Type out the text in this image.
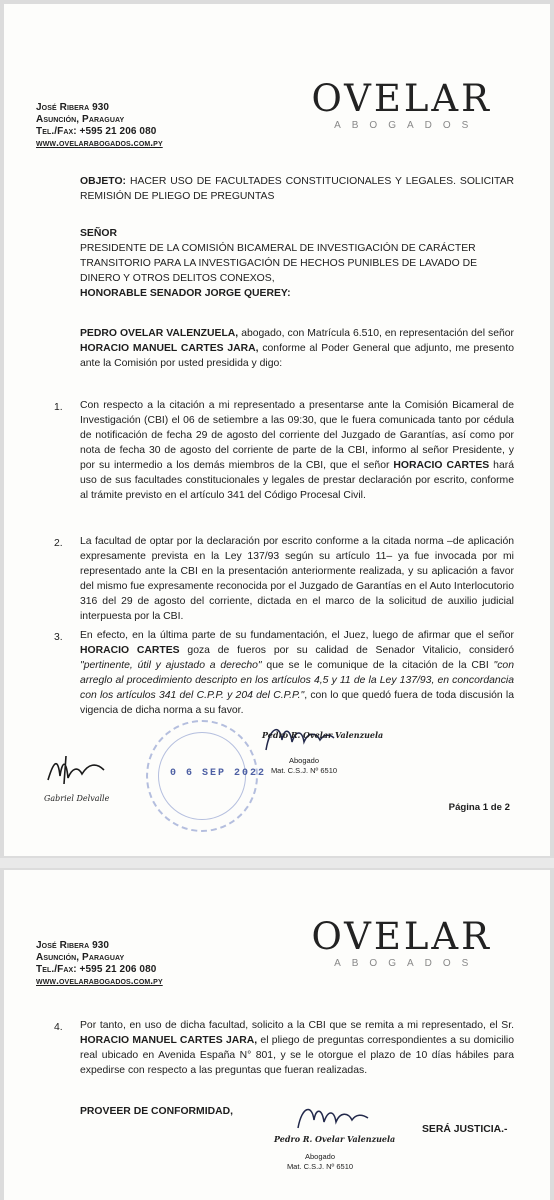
José Ribera 930
Asunción, Paraguay
Tel./Fax: +595 21 206 080
www.ovelarabogados.com.py
OVELAR
ABOGADOS
OBJETO: HACER USO DE FACULTADES CONSTITUCIONALES Y LEGALES. SOLICITAR REMISIÓN DE PLIEGO DE PREGUNTAS
SEÑOR
PRESIDENTE DE LA COMISIÓN BICAMERAL DE INVESTIGACIÓN DE CARÁCTER TRANSITORIO PARA LA INVESTIGACIÓN DE HECHOS PUNIBLES DE LAVADO DE DINERO Y OTROS DELITOS CONEXOS,
HONORABLE SENADOR JORGE QUEREY:
PEDRO OVELAR VALENZUELA, abogado, con Matrícula 6.510, en representación del señor HORACIO MANUEL CARTES JARA, conforme al Poder General que adjunto, me presento ante la Comisión por usted presidida y digo:
1. Con respecto a la citación a mi representado a presentarse ante la Comisión Bicameral de Investigación (CBI) el 06 de setiembre a las 09:30, que le fuera comunicada tanto por cédula de notificación de fecha 29 de agosto del corriente del Juzgado de Garantías, así como por nota de fecha 30 de agosto del corriente de parte de la CBI, informo al señor Presidente, y por su intermedio a los demás miembros de la CBI, que el señor HORACIO CARTES hará uso de sus facultades constitucionales y legales de prestar declaración por escrito, conforme al trámite previsto en el artículo 341 del Código Procesal Civil.
2. La facultad de optar por la declaración por escrito conforme a la citada norma –de aplicación expresamente prevista en la Ley 137/93 según su artículo 11– ya fue invocada por mi representado ante la CBI en la presentación anteriormente realizada, y su aplicación a favor del mismo fue expresamente reconocida por el Juzgado de Garantías en el Auto Interlocutorio 316 del 29 de agosto del corriente, dictada en el marco de la solicitud de auxilio judicial interpuesta por la CBI.
3. En efecto, en la última parte de su fundamentación, el Juez, luego de afirmar que el señor HORACIO CARTES goza de fueros por su calidad de Senador Vitalicio, consideró "pertinente, útil y ajustado a derecho" que se le comunique de la citación de la CBI "con arreglo al procedimiento descripto en los artículos 4,5 y 11 de la Ley 137/93, en concordancia con los artículos 341 del C.P.P. y 204 del C.P.P.", con lo que quedó fuera de toda discusión la vigencia de dicha norma a su favor.
Gabriel Delvalle
0 6 SEP 2022
Pedro R. Ovelar Valenzuela
Abogado
Mat. C.S.J. Nº 6510
Página 1 de 2
José Ribera 930
Asunción, Paraguay
Tel./Fax: +595 21 206 080
www.ovelarabogados.com.py
OVELAR
ABOGADOS
4. Por tanto, en uso de dicha facultad, solicito a la CBI que se remita a mi representado, el Sr. HORACIO MANUEL CARTES JARA, el pliego de preguntas correspondientes a su domicilio real ubicado en Avenida España N° 801, y se le otorgue el plazo de 10 días hábiles para expedirse con respecto a las preguntas que fueran realizadas.
PROVEER DE CONFORMIDAD,
SERÁ JUSTICIA.-
Pedro R. Ovelar Valenzuela
Abogado
Mat. C.S.J. Nº 6510
